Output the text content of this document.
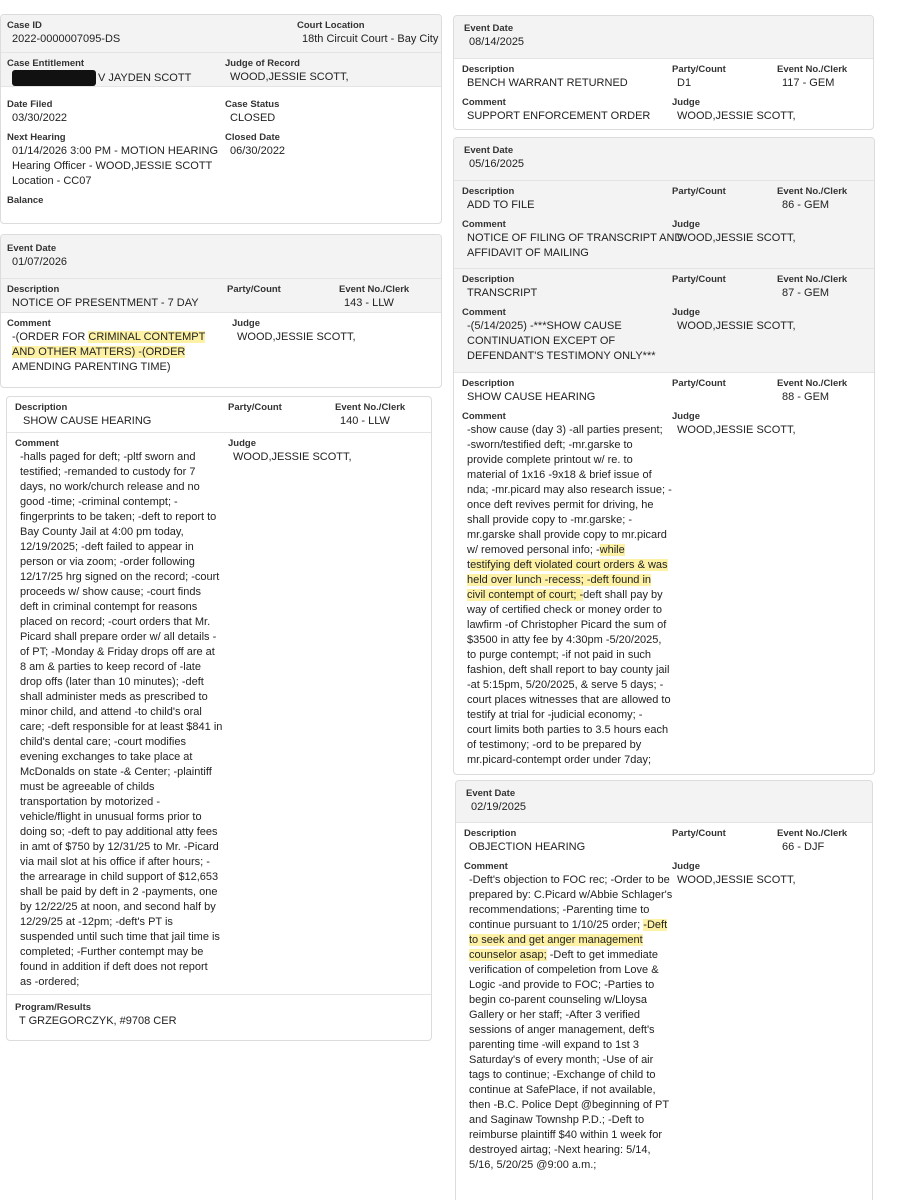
Case ID
2022-0000007095-DS
Court Location
18th Circuit Court - Bay City
Case Entitlement
V JAYDEN SCOTT
Judge of Record
WOOD,JESSIE SCOTT,
Date Filed
03/30/2022
Next Hearing
01/14/2026 3:00 PM - MOTION HEARING
Hearing Officer - WOOD,JESSIE SCOTT
Location - CC07
Balance
Case Status
CLOSED
Closed Date
06/30/2022
Event Date
01/07/2026
Description
NOTICE OF PRESENTMENT - 7 DAY
Party/Count	Event No./Clerk
143 - LLW
Comment
-(ORDER FOR CRIMINAL CONTEMPT
AND OTHER MATTERS) -(ORDER
AMENDING PARENTING TIME)
Judge
WOOD,JESSIE SCOTT,
Description
SHOW CAUSE HEARING
Party/Count	Event No./Clerk
140 - LLW
Comment
-halls paged for deft; -pltf sworn and
testified; -remanded to custody for 7
days, no work/church release and no
good -time; -criminal contempt; -
fingerprints to be taken; -deft to report to
Bay County Jail at 4:00 pm today,
12/19/2025; -deft failed to appear in
person or via zoom; -order following
12/17/25 hrg signed on the record; -court
proceeds w/ show cause; -court finds
deft in criminal contempt for reasons
placed on record; -court orders that Mr.
Picard shall prepare order w/ all details -
of PT; -Monday & Friday drops off are at
8 am & parties to keep record of -late
drop offs (later than 10 minutes); -deft
shall administer meds as prescribed to
minor child, and attend -to child's oral
care; -deft responsible for at least $841 in
child's dental care; -court modifies
evening exchanges to take place at
McDonalds on state -& Center; -plaintiff
must be agreeable of childs
transportation by motorized -
vehicle/flight in unusual forms prior to
doing so; -deft to pay additional atty fees
in amt of $750 by 12/31/25 to Mr. -Picard
via mail slot at his office if after hours; -
the arrearage in child support of $12,653
shall be paid by deft in 2 -payments, one
by 12/22/25 at noon, and second half by
12/29/25 at -12pm; -deft's PT is
suspended until such time that jail time is
completed; -Further contempt may be
found in addition if deft does not report
as -ordered;
Judge
WOOD,JESSIE SCOTT,
Program/Results
T GRZEGORCZYK, #9708 CER
Event Date
08/14/2025
Description
BENCH WARRANT RETURNED
Comment
SUPPORT ENFORCEMENT ORDER
Party/Count
D1
Judge
WOOD,JESSIE SCOTT,
Event No./Clerk
117 - GEM
Event Date
05/16/2025
Description
ADD TO FILE
Comment
NOTICE OF FILING OF TRANSCRIPT AND
AFFIDAVIT OF MAILING
Party/Count

Judge
WOOD,JESSIE SCOTT,
Event No./Clerk
86 - GEM
Description
TRANSCRIPT
Comment
-(5/14/2025) -***SHOW CAUSE
CONTINUATION EXCEPT OF
DEFENDANT'S TESTIMONY ONLY***
Party/Count

Judge
WOOD,JESSIE SCOTT,
Event No./Clerk
87 - GEM
Description
SHOW CAUSE HEARING
Comment
-show cause (day 3) -all parties present;
-sworn/testified deft; -mr.garske to
provide complete printout w/ re. to
material of 1x16 -9x18 & brief issue of
nda; -mr.picard may also research issue; -
once deft revives permit for driving, he
shall provide copy to -mr.garske; -
mr.garske shall provide copy to mr.picard
w/ removed personal info; -while
testifying deft violated court orders & was
held over lunch -recess; -deft found in
civil contempt of court; -deft shall pay by
way of certified check or money order to
lawfirm -of Christopher Picard the sum of
$3500 in atty fee by 4:30pm -5/20/2025,
to purge contempt; -if not paid in such
fashion, deft shall report to bay county jail
-at 5:15pm, 5/20/2025, & serve 5 days; -
court places witnesses that are allowed to
testify at trial for -judicial economy; -
court limits both parties to 3.5 hours each
of testimony; -ord to be prepared by
mr.picard-contempt order under 7day;
Party/Count

Judge
WOOD,JESSIE SCOTT,
Event No./Clerk
88 - GEM
Event Date
02/19/2025
Description
OBJECTION HEARING
Comment
-Deft's objection to FOC rec; -Order to be
prepared by: C.Picard w/Abbie Schlager's
recommendations; -Parenting time to
continue pursuant to 1/10/25 order; -Deft
to seek and get anger management
counselor asap; -Deft to get immediate
verification of compeletion from Love &
Logic -and provide to FOC; -Parties to
begin co-parent counseling w/Lloysa
Gallery or her staff; -After 3 verified
sessions of anger management, deft's
parenting time -will expand to 1st 3
Saturday's of every month; -Use of air
tags to continue; -Exchange of child to
continue at SafePlace, if not available,
then -B.C. Police Dept @beginning of PT
and Saginaw Townshp P.D.; -Deft to
reimburse plaintiff $40 within 1 week for
destroyed airtag; -Next hearing: 5/14,
5/16, 5/20/25 @9:00 a.m.;
Party/Count

Judge
WOOD,JESSIE SCOTT,
Event No./Clerk
66 - DJF
